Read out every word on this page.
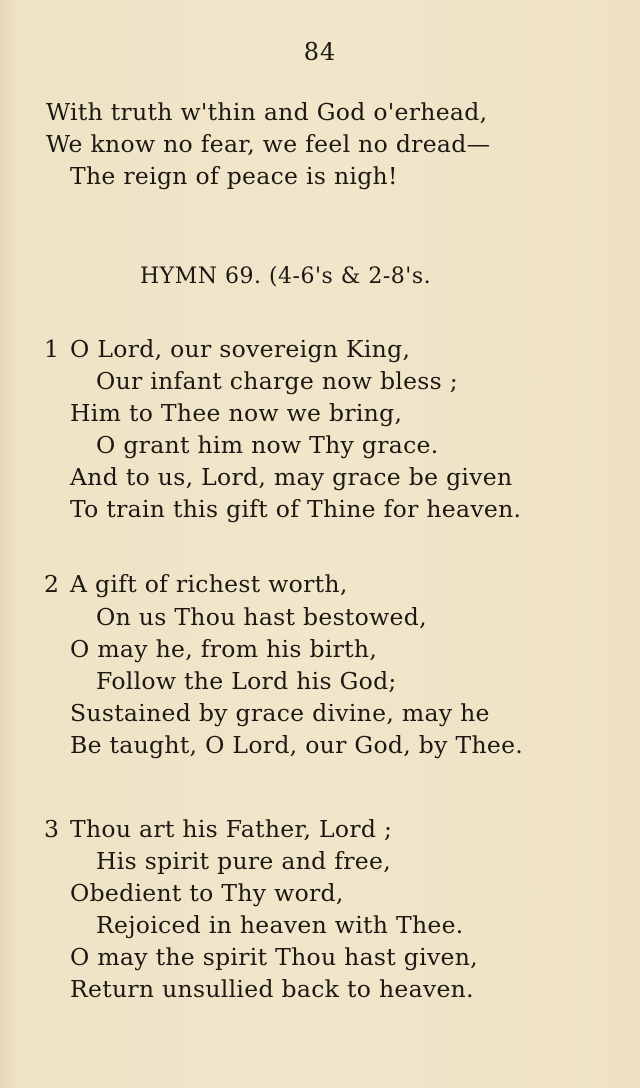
84
With truth w'thin and God o'erhead,
We know no fear, we feel no dread—
The reign of peace is nigh!
HYMN 69. (4-6's & 2-8's.
1 O Lord, our sovereign King,
Our infant charge now bless ;
Him to Thee now we bring,
O grant him now Thy grace.
And to us, Lord, may grace be given
To train this gift of Thine for heaven.
2 A gift of richest worth,
On us Thou hast bestowed,
O may he, from his birth,
Follow the Lord his God;
Sustained by grace divine, may he
Be taught, O Lord, our God, by Thee.
3 Thou art his Father, Lord ;
His spirit pure and free,
Obedient to Thy word,
Rejoiced in heaven with Thee.
O may the spirit Thou hast given,
Return unsullied back to heaven.
